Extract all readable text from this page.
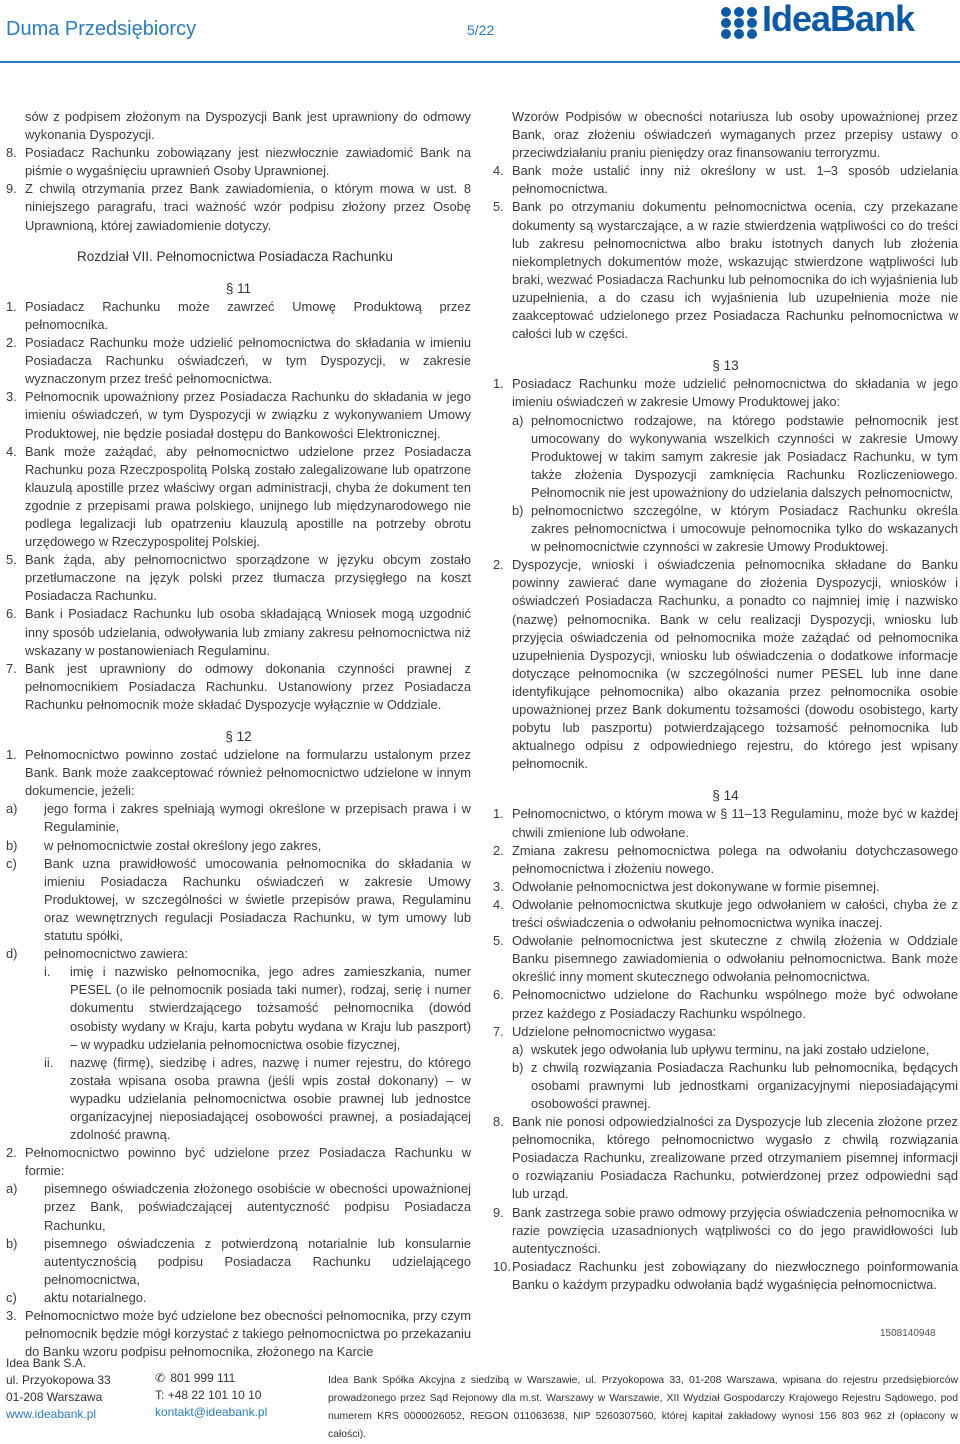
Duma Przedsiębiorcy	5/22	IdeaBank
sów z podpisem złożonym na Dyspozycji Bank jest uprawniony do odmowy wykonania Dyspozycji.
8. Posiadacz Rachunku zobowiązany jest niezwłocznie zawiadomić Bank na piśmie o wygaśnięciu uprawnień Osoby Uprawnionej.
9. Z chwilą otrzymania przez Bank zawiadomienia, o którym mowa w ust. 8 niniejszego paragrafu, traci ważność wzór podpisu złożony przez Osobę Uprawnioną, której zawiadomienie dotyczy.
Rozdział VII. Pełnomocnictwa Posiadacza Rachunku
§ 11
1. Posiadacz Rachunku może zawrzeć Umowę Produktową przez pełnomocnika.
2. Posiadacz Rachunku może udzielić pełnomocnictwa do składania w imieniu Posiadacza Rachunku oświadczeń, w tym Dyspozycji, w zakresie wyznaczonym przez treść pełnomocnictwa.
3. Pełnomocnik upoważniony przez Posiadacza Rachunku do składania w jego imieniu oświadczeń, w tym Dyspozycji w związku z wykonywaniem Umowy Produktowej, nie będzie posiadał dostępu do Bankowości Elektronicznej.
4. Bank może zażądać, aby pełnomocnictwo udzielone przez Posiadacza Rachunku poza Rzeczpospolitą Polską zostało zalegalizowane lub opatrzone klauzulą apostille przez właściwy organ administracji, chyba że dokument ten zgodnie z przepisami prawa polskiego, unijnego lub międzynarodowego nie podlega legalizacji lub opatrzeniu klauzulą apostille na potrzeby obrotu urzędowego w Rzeczypospolitej Polskiej.
5. Bank żąda, aby pełnomocnictwo sporządzone w języku obcym zostało przetłumaczone na język polski przez tłumacza przysięgłego na koszt Posiadacza Rachunku.
6. Bank i Posiadacz Rachunku lub osoba składającą Wniosek mogą uzgodnić inny sposób udzielania, odwoływania lub zmiany zakresu pełnomocnictwa niż wskazany w postanowieniach Regulaminu.
7. Bank jest uprawniony do odmowy dokonania czynności prawnej z pełnomocnikiem Posiadacza Rachunku. Ustanowiony przez Posiadacza Rachunku pełnomocnik może składać Dyspozycje wyłącznie w Oddziale.
§ 12
1. Pełnomocnictwo powinno zostać udzielone na formularzu ustalonym przez Bank. Bank może zaakceptować również pełnomocnictwo udzielone w innym dokumencie, jeżeli:
a) jego forma i zakres spełniają wymogi określone w przepisach prawa i w Regulaminie,
b) w pełnomocnictwie został określony jego zakres,
c) Bank uzna prawidłowość umocowania pełnomocnika do składania w imieniu Posiadacza Rachunku oświadczeń w zakresie Umowy Produktowej, w szczególności w świetle przepisów prawa, Regulaminu oraz wewnętrznych regulacji Posiadacza Rachunku, w tym umowy lub statutu spółki,
d) pełnomocnictwo zawiera:
i. imię i nazwisko pełnomocnika, jego adres zamieszkania, numer PESEL (o ile pełnomocnik posiada taki numer), rodzaj, serię i numer dokumentu stwierdzającego tożsamość pełnomocnika (dowód osobisty wydany w Kraju, karta pobytu wydana w Kraju lub paszport) – w wypadku udzielania pełnomocnictwa osobie fizycznej,
ii. nazwę (firmę), siedzibę i adres, nazwę i numer rejestru, do którego została wpisana osoba prawna (jeśli wpis został dokonany) – w wypadku udzielania pełnomocnictwa osobie prawnej lub jednostce organizacyjnej nieposiadającej osobowości prawnej, a posiadającej zdolność prawną.
2. Pełnomocnictwo powinno być udzielone przez Posiadacza Rachunku w formie:
a) pisemnego oświadczenia złożonego osobiście w obecności upoważnionej przez Bank, poświadczającej autentyczność podpisu Posiadacza Rachunku,
b) pisemnego oświadczenia z potwierdzoną notarialnie lub konsularnie autentycznością podpisu Posiadacza Rachunku udzielającego pełnomocnictwa,
c) aktu notarialnego.
3. Pełnomocnictwo może być udzielone bez obecności pełnomocnika, przy czym pełnomocnik będzie mógł korzystać z takiego pełnomocnictwa po przekazaniu do Banku wzoru podpisu pełnomocnika, złożonego na Karcie
Wzorów Podpisów w obecności notariusza lub osoby upoważnionej przez Bank, oraz złożeniu oświadczeń wymaganych przez przepisy ustawy o przeciwdziałaniu praniu pieniędzy oraz finansowaniu terroryzmu.
4. Bank może ustalić inny niż określony w ust. 1–3 sposób udzielania pełnomocnictwa.
5. Bank po otrzymaniu dokumentu pełnomocnictwa ocenia, czy przekazane dokumenty są wystarczające, a w razie stwierdzenia wątpliwości co do treści lub zakresu pełnomocnictwa albo braku istotnych danych lub złożenia niekompletnych dokumentów może, wskazując stwierdzone wątpliwości lub braki, wezwać Posiadacza Rachunku lub pełnomocnika do ich wyjaśnienia lub uzupełnienia, a do czasu ich wyjaśnienia lub uzupełnienia może nie zaakceptować udzielonego przez Posiadacza Rachunku pełnomocnictwa w całości lub w części.
§ 13
1. Posiadacz Rachunku może udzielić pełnomocnictwa do składania w jego imieniu oświadczeń w zakresie Umowy Produktowej jako:
a) pełnomocnictwo rodzajowe, na którego podstawie pełnomocnik jest umocowany do wykonywania wszelkich czynności w zakresie Umowy Produktowej w takim samym zakresie jak Posiadacz Rachunku, w tym także złożenia Dyspozycji zamknięcia Rachunku Rozliczeniowego. Pełnomocnik nie jest upoważniony do udzielania dalszych pełnomocnictw,
b) pełnomocnictwo szczególne, w którym Posiadacz Rachunku określa zakres pełnomocnictwa i umocowuje pełnomocnika tylko do wskazanych w pełnomocnictwie czynności w zakresie Umowy Produktowej.
2. Dyspozycje, wnioski i oświadczenia pełnomocnika składane do Banku powinny zawierać dane wymagane do złożenia Dyspozycji, wniosków i oświadczeń Posiadacza Rachunku, a ponadto co najmniej imię i nazwisko (nazwę) pełnomocnika. Bank w celu realizacji Dyspozycji, wniosku lub przyjęcia oświadczenia od pełnomocnika może zażądać od pełnomocnika uzupełnienia Dyspozycji, wniosku lub oświadczenia o dodatkowe informacje dotyczące pełnomocnika (w szczególności numer PESEL lub inne dane identyfikujące pełnomocnika) albo okazania przez pełnomocnika osobie upoważnionej przez Bank dokumentu tożsamości (dowodu osobistego, karty pobytu lub paszportu) potwierdzającego tożsamość pełnomocnika lub aktualnego odpisu z odpowiedniego rejestru, do którego jest wpisany pełnomocnik.
§ 14
1. Pełnomocnictwo, o którym mowa w § 11–13 Regulaminu, może być w każdej chwili zmienione lub odwołane.
2. Zmiana zakresu pełnomocnictwa polega na odwołaniu dotychczasowego pełnomocnictwa i złożeniu nowego.
3. Odwołanie pełnomocnictwa jest dokonywane w formie pisemnej.
4. Odwołanie pełnomocnictwa skutkuje jego odwołaniem w całości, chyba że z treści oświadczenia o odwołaniu pełnomocnictwa wynika inaczej.
5. Odwołanie pełnomocnictwa jest skuteczne z chwilą złożenia w Oddziale Banku pisemnego zawiadomienia o odwołaniu pełnomocnictwa. Bank może określić inny moment skutecznego odwołania pełnomocnictwa.
6. Pełnomocnictwo udzielone do Rachunku wspólnego może być odwołane przez każdego z Posiadaczy Rachunku wspólnego.
7. Udzielone pełnomocnictwo wygasa:
a) wskutek jego odwołania lub upływu terminu, na jaki zostało udzielone,
b) z chwilą rozwiązania Posiadacza Rachunku lub pełnomocnika, będących osobami prawnymi lub jednostkami organizacyjnymi nieposiadającymi osobowości prawnej.
8. Bank nie ponosi odpowiedzialności za Dyspozycje lub zlecenia złożone przez pełnomocnika, którego pełnomocnictwo wygasło z chwilą rozwiązania Posiadacza Rachunku, zrealizowane przed otrzymaniem pisemnej informacji o rozwiązaniu Posiadacza Rachunku, potwierdzonej przez odpowiedni sąd lub urząd.
9. Bank zastrzega sobie prawo odmowy przyjęcia oświadczenia pełnomocnika w razie powzięcia uzasadnionych wątpliwości co do jego prawidłowości lub autentyczności.
10. Posiadacz Rachunku jest zobowiązany do niezwłocznego poinformowania Banku o każdym przypadku odwołania bądź wygaśnięcia pełnomocnictwa.
1508140948
Idea Bank S.A.
ul. Przyokopowa 33
01-208 Warszawa
www.ideabank.pl
✆ 801 999 111
T: +48 22 101 10 10
kontakt@ideabank.pl
Idea Bank Spółka Akcyjna z siedzibą w Warszawie, ul. Przyokopowa 33, 01-208 Warszawa, wpisana do rejestru przedsiębiorców prowadzonego przez Sąd Rejonowy dla m.st. Warszawy w Warszawie, XII Wydział Gospodarczy Krajowego Rejestru Sądowego, pod numerem KRS 0000026052, REGON 011063638, NIP 5260307560, której kapitał zakładowy wynosi 156 803 962 zł (opłacony w całości).
